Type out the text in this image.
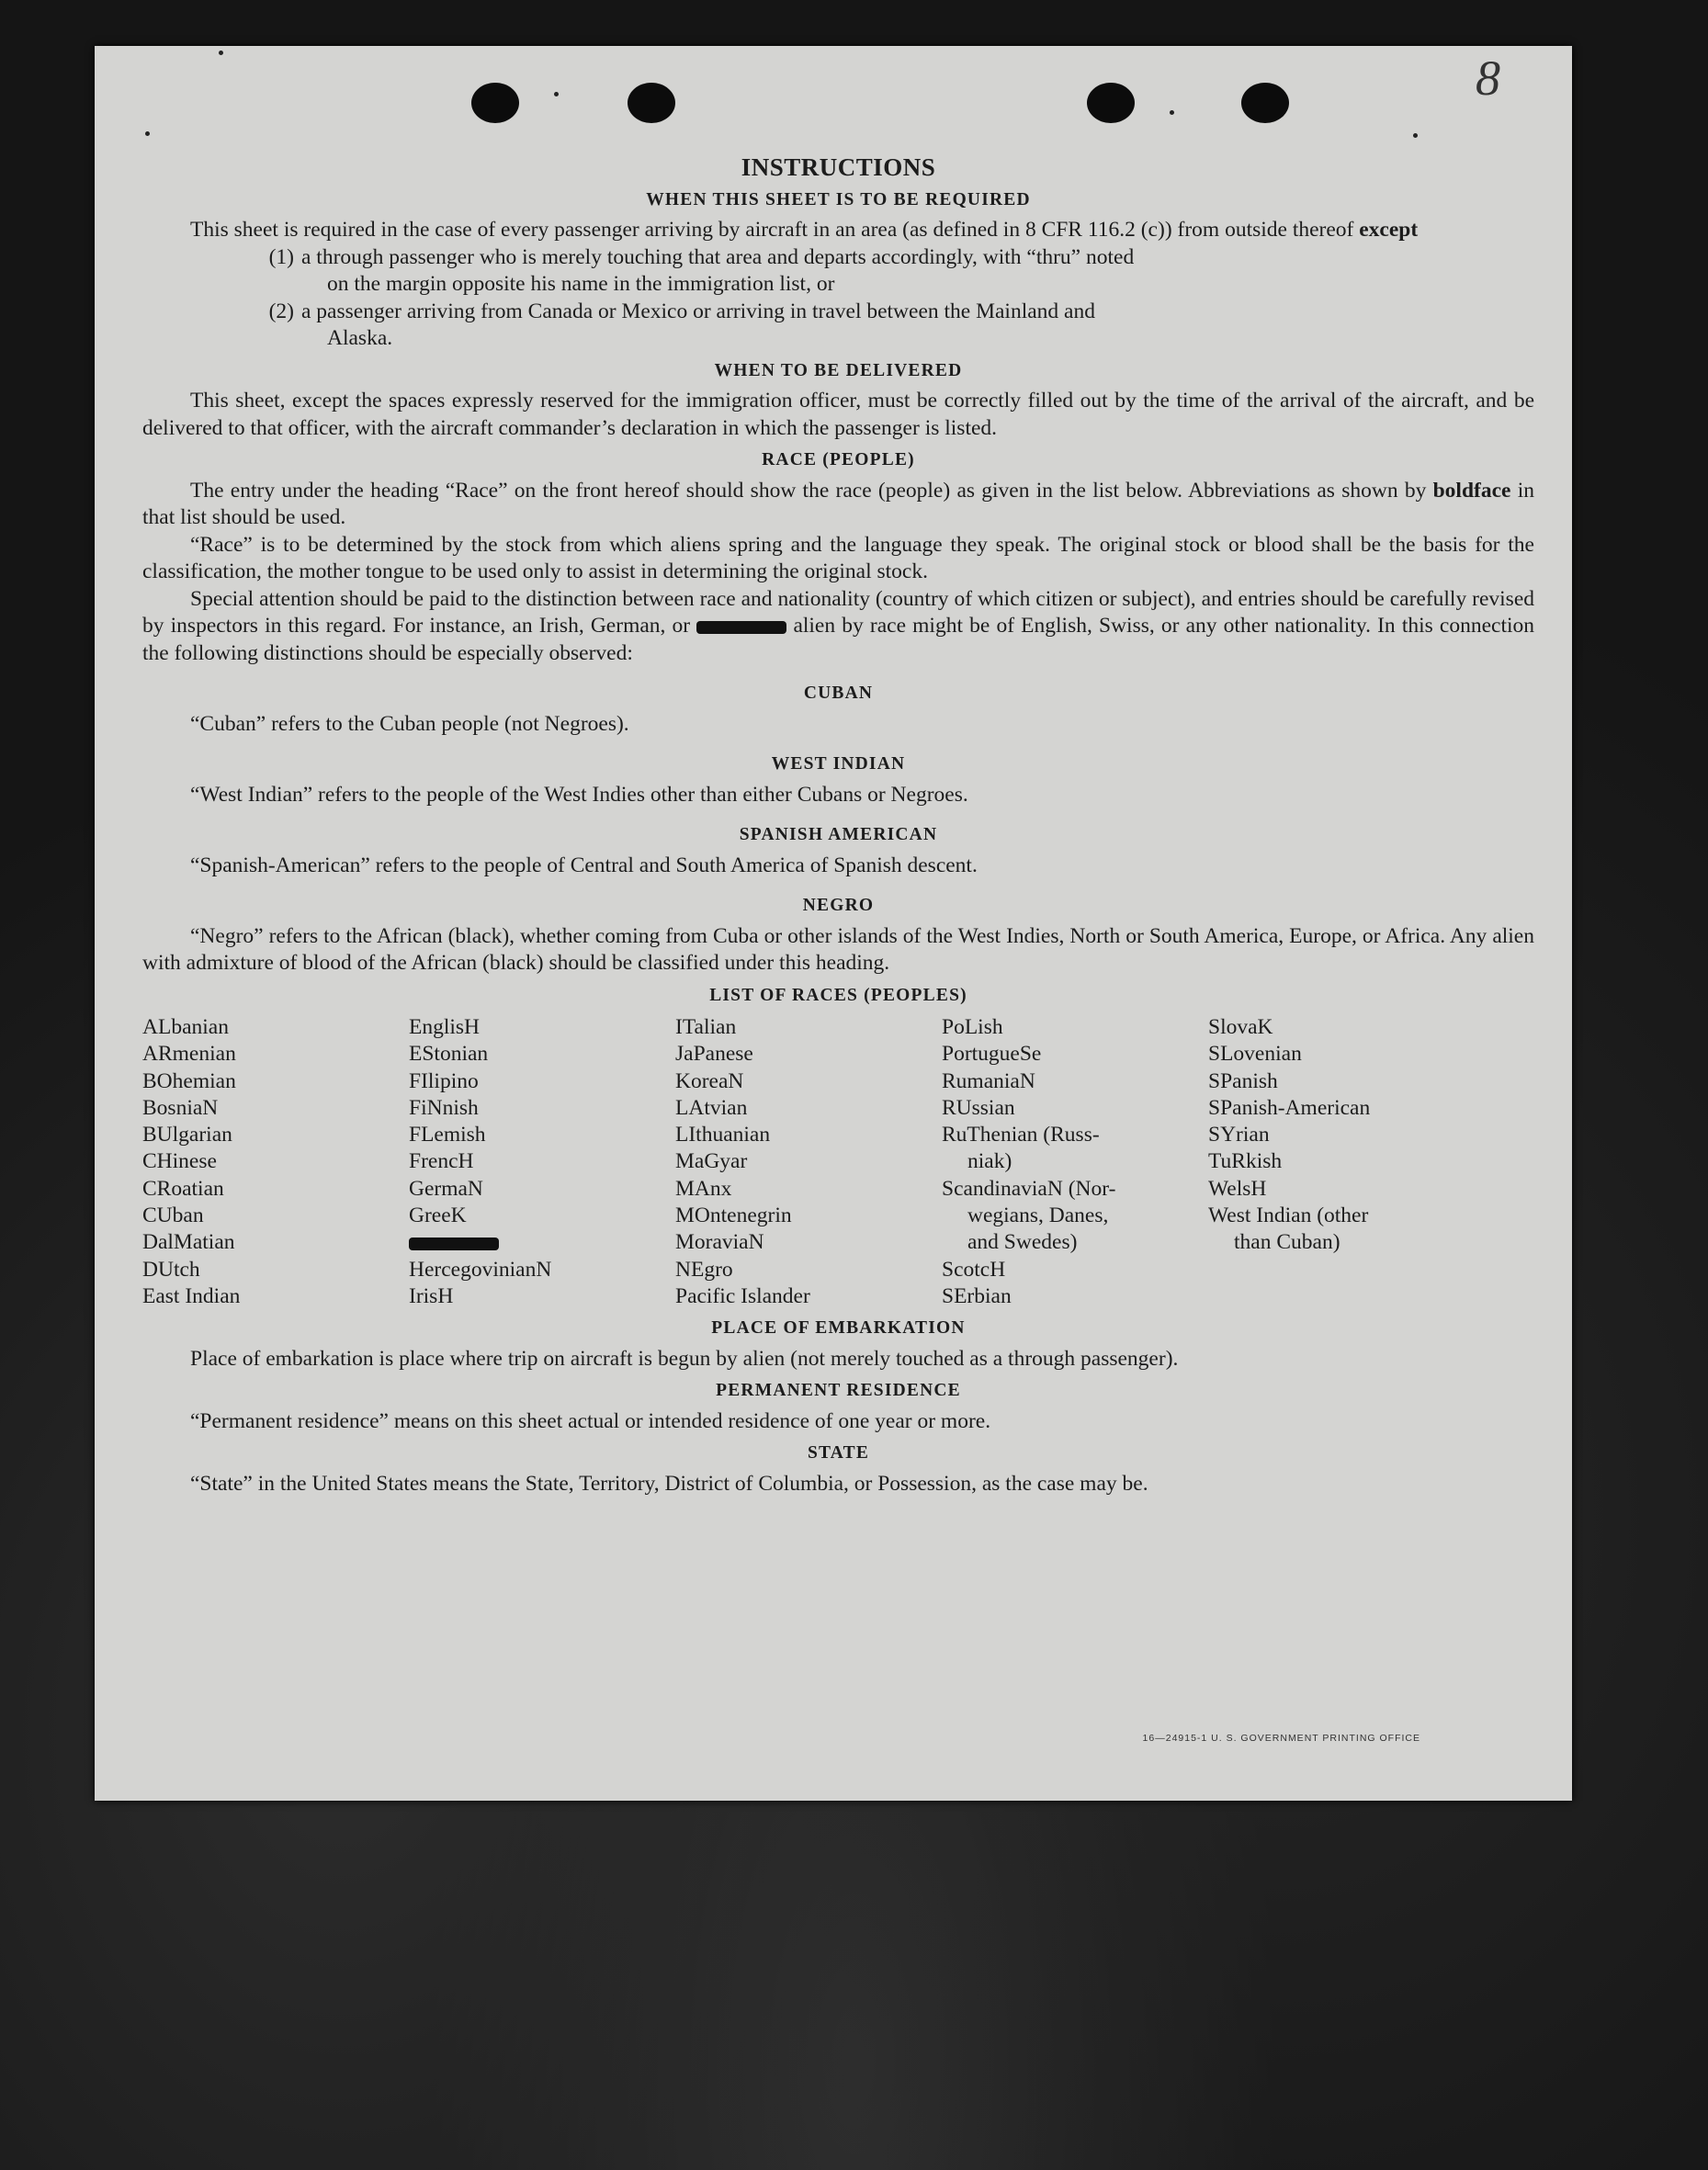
8
INSTRUCTIONS
WHEN THIS SHEET IS TO BE REQUIRED

This sheet is required in the case of every passenger arriving by aircraft in an area (as defined in 8 CFR 116.2 (c)) from outside thereof except

(1) a through passenger who is merely touching that area and departs accordingly, with “thru” noted
on the margin opposite his name in the immigration list, or
(2) a passenger arriving from Canada or Mexico or arriving in travel between the Mainland and
Alaska.
WHEN TO BE DELIVERED

This sheet, except the spaces expressly reserved for the immigration officer, must be correctly filled out by the time of the arrival of the aircraft, and be delivered to that officer, with the aircraft commander’s declaration in which the passenger is listed.

RACE (PEOPLE)

The entry under the heading “Race” on the front hereof should show the race (people) as given in the list below. Abbreviations as shown by boldface in that list should be used.

“Race” is to be determined by the stock from which aliens spring and the language they speak. The original stock or blood shall be the basis for the classification, the mother tongue to be used only to assist in determining the original stock.

Special attention should be paid to the distinction between race and nationality (country of which citizen or subject), and entries should be carefully revised by inspectors in this regard. For instance, an Irish, German, or	alien by race might be of English, Swiss, or any other nationality. In this connection the following distinctions should be especially observed:

CUBAN

“Cuban” refers to the Cuban people (not Negroes).

WEST INDIAN

“West Indian” refers to the people of the West Indies other than either Cubans or Negroes.

SPANISH AMERICAN

“Spanish-American” refers to the people of Central and South America of Spanish descent.

NEGRO

“Negro” refers to the African (black), whether coming from Cuba or other islands of the West Indies, North or South America, Europe, or Africa. Any alien with admixture of blood of the African (black) should be classified under this heading.

LIST OF RACES (PEOPLES)
ALbanian
ARmenian
BOhemian
BosniaN
BUlgarian
CHinese
CRoatian
CUban
DalMatian
DUtch
East Indian
EnglisH
EStonian
FIlipino
FiNnish
FLemish
FrencH
GermaN
GreeK
HercegovinianN
IrisH
ITalian
JaPanese
KoreaN
LAtvian
LIthuanian
MaGyar
MAnx
MOntenegrin
MoraviaN
NEgro
Pacific Islander
PoLish
PortugueSe
RumaniaN
RUssian
RuThenian (Russ-
niak)
ScandinaviaN (Nor-
wegians, Danes,
and Swedes)
ScotcH
SErbian
SlovaK
SLovenian
SPanish
SPanish-American
SYrian
TuRkish
WelsH
West Indian (other
than Cuban)
PLACE OF EMBARKATION

Place of embarkation is place where trip on aircraft is begun by alien (not merely touched as a through passenger).

PERMANENT RESIDENCE

“Permanent residence” means on this sheet actual or intended residence of one year or more.

STATE

“State” in the United States means the State, Territory, District of Columbia, or Possession, as the case may be.

16—24915-1 U. S. GOVERNMENT PRINTING OFFICE
